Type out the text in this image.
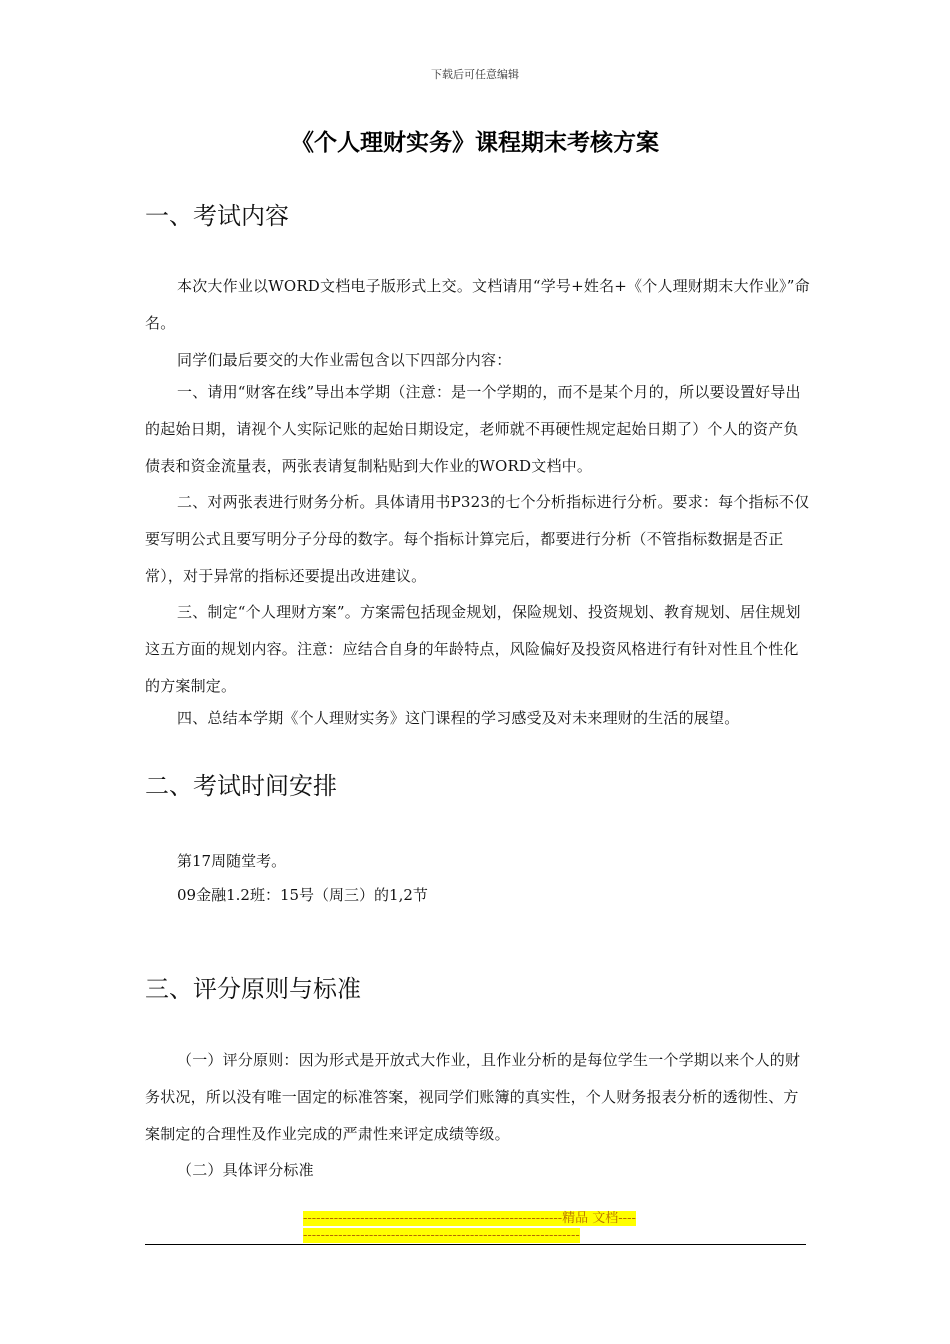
下载后可任意编辑
《个人理财实务》课程期末考核方案
一、考试内容

本次大作业以WORD文档电子版形式上交。文档请用“学号+姓名+《个人理财期末大作业》”命名。

同学们最后要交的大作业需包含以下四部分内容：

一、请用“财客在线”导出本学期（注意：是一个学期的，而不是某个月的，所以要设置好导出的起始日期，请视个人实际记账的起始日期设定，老师就不再硬性规定起始日期了）个人的资产负债表和资金流量表，两张表请复制粘贴到大作业的WORD文档中。

二、对两张表进行财务分析。具体请用书P323的七个分析指标进行分析。要求：每个指标不仅要写明公式且要写明分子分母的数字。每个指标计算完后，都要进行分析（不管指标数据是否正常），对于异常的指标还要提出改进建议。

三、制定“个人理财方案”。方案需包括现金规划，保险规划、投资规划、教育规划、居住规划这五方面的规划内容。注意：应结合自身的年龄特点，风险偏好及投资风格进行有针对性且个性化的方案制定。

四、总结本学期《个人理财实务》这门课程的学习感受及对未来理财的生活的展望。

二、考试时间安排
第17周随堂考。
09金融1.2班：15号（周三）的1,2节
三、评分原则与标准

（一）评分原则：因为形式是开放式大作业，且作业分析的是每位学生一个学期以来个人的财务状况，所以没有唯一固定的标准答案，视同学们账簿的真实性，个人财务报表分析的透彻性、方案制定的合理性及作业完成的严肃性来评定成绩等级。

（二）具体评分标准

-----------------------------------------------------------精品 文档-------------------------------------------------------------------
